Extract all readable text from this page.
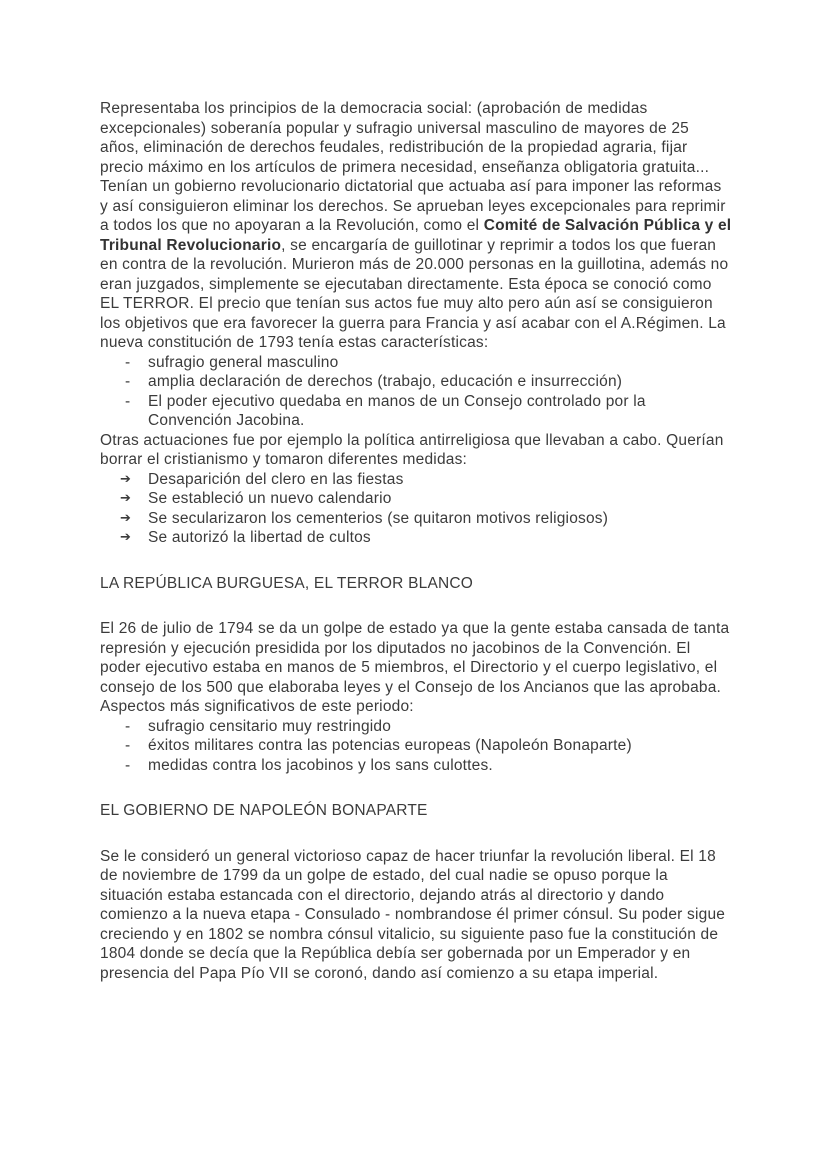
Representaba los principios de la democracia social: (aprobación de medidas excepcionales) soberanía popular y sufragio universal masculino de mayores de 25 años, eliminación de derechos feudales, redistribución de la propiedad agraria, fijar precio máximo en los artículos de primera necesidad, enseñanza obligatoria gratuita... Tenían un gobierno revolucionario dictatorial que actuaba así para imponer las reformas y así consiguieron eliminar los derechos. Se aprueban leyes excepcionales para reprimir a todos los que no apoyaran a la Revolución, como el Comité de Salvación Pública y el Tribunal Revolucionario, se encargaría de guillotinar y reprimir a todos los que fueran en contra de la revolución. Murieron más de 20.000 personas en la guillotina, además no eran juzgados, simplemente se ejecutaban directamente. Esta época se conoció como EL TERROR. El precio que tenían sus actos fue muy alto pero aún así se consiguieron los objetivos que era favorecer la guerra para Francia y así acabar con el A.Régimen. La nueva constitución de 1793 tenía estas características:

-	sufragio general masculino
-	amplia declaración de derechos (trabajo, educación e insurrección)
-	El poder ejecutivo quedaba en manos de un Consejo controlado por la Convención Jacobina.

Otras actuaciones fue por ejemplo la política antirreligiosa que llevaban a cabo. Querían borrar el cristianismo y tomaron diferentes medidas:

➔	Desaparición del clero en las fiestas
➔	Se estableció un nuevo calendario
➔	Se secularizaron los cementerios (se quitaron motivos religiosos)
➔	Se autorizó la libertad de cultos
LA REPÚBLICA BURGUESA, EL TERROR BLANCO

El 26 de julio de 1794 se da un golpe de estado ya que la gente estaba cansada de tanta represión y ejecución presidida por los diputados no jacobinos de la Convención. El poder ejecutivo estaba en manos de 5 miembros, el Directorio y el cuerpo legislativo, el consejo de los 500 que elaboraba leyes y el Consejo de los Ancianos que las aprobaba. Aspectos más significativos de este periodo:

-	sufragio censitario muy restringido
-	éxitos militares contra las potencias europeas (Napoleón Bonaparte)
-	medidas contra los jacobinos y los sans culottes.
EL GOBIERNO DE NAPOLEÓN BONAPARTE

Se le consideró un general victorioso capaz de hacer triunfar la revolución liberal. El 18 de noviembre de 1799 da un golpe de estado, del cual nadie se opuso porque la situación estaba estancada con el directorio, dejando atrás al directorio y dando comienzo a la nueva etapa - Consulado - nombrandose él primer cónsul. Su poder sigue creciendo y en 1802 se nombra cónsul vitalicio, su siguiente paso fue la constitución de 1804 donde se decía que la República debía ser gobernada por un Emperador y en presencia del Papa Pío VII se coronó, dando así comienzo a su etapa imperial.
